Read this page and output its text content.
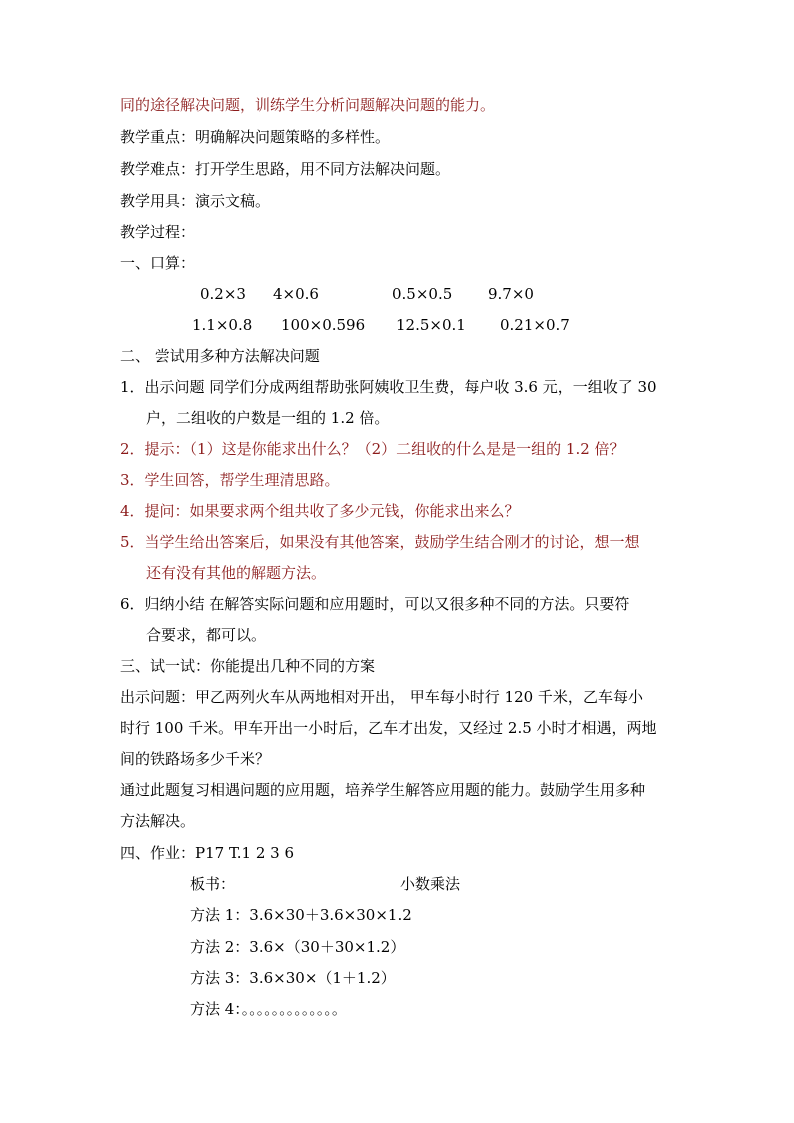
同的途径解决问题，训练学生分析问题解决问题的能力。
教学重点：明确解决问题策略的多样性。
教学难点：打开学生思路，用不同方法解决问题。
教学用具：演示文稿。
教学过程：
一、口算：
0.2×3 4×0.6	0.5×0.5 9.7×0
1.1×0.8 100×0.596 12.5×0.1 0.21×0.7
二、 尝试用多种方法解决问题
1．出示问题 同学们分成两组帮助张阿姨收卫生费，每户收 3.6 元，一组收了 30
户，二组收的户数是一组的 1.2 倍。
2．提示：（1）这是你能求出什么？（2）二组收的什么是是一组的 1.2 倍？
3．学生回答，帮学生理清思路。
4．提问：如果要求两个组共收了多少元钱，你能求出来么？
5．当学生给出答案后，如果没有其他答案，鼓励学生结合刚才的讨论，想一想
还有没有其他的解题方法。
6．归纳小结 在解答实际问题和应用题时，可以又很多种不同的方法。只要符
合要求，都可以。
三、试一试：你能提出几种不同的方案
出示问题：甲乙两列火车从两地相对开出， 甲车每小时行 120 千米，乙车每小
时行 100 千米。甲车开出一小时后，乙车才出发，又经过 2.5 小时才相遇，两地
间的铁路场多少千米？
通过此题复习相遇问题的应用题，培养学生解答应用题的能力。鼓励学生用多种
方法解决。
四、作业：P17 T.1 2 3 6
板书：	小数乘法
方法 1：3.6×30＋3.6×30×1.2
方法 2：3.6×（30＋30×1.2）
方法 3：3.6×30×（1＋1.2）
方法 4：。。。。。。。。。。。。。
